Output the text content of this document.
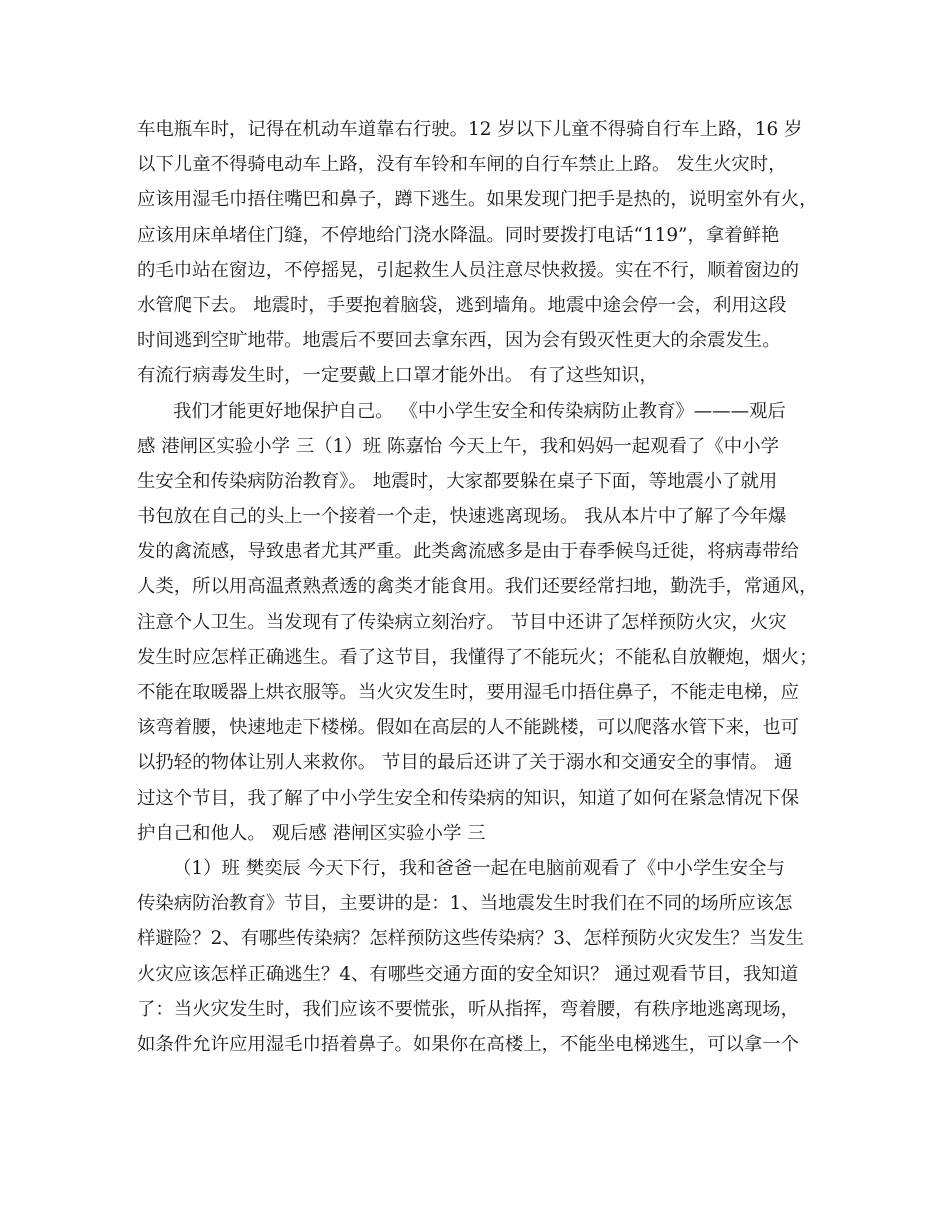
车电瓶车时，记得在机动车道靠右行驶。12 岁以下儿童不得骑自行车上路，16 岁
以下儿童不得骑电动车上路，没有车铃和车闸的自行车禁止上路。 发生火灾时，
应该用湿毛巾捂住嘴巴和鼻子，蹲下逃生。如果发现门把手是热的，说明室外有火，
应该用床单堵住门缝，不停地给门浇水降温。同时要拨打电话“119”，拿着鲜艳
的毛巾站在窗边，不停摇晃，引起救生人员注意尽快救援。实在不行，顺着窗边的
水管爬下去。 地震时，手要抱着脑袋，逃到墙角。地震中途会停一会，利用这段
时间逃到空旷地带。地震后不要回去拿东西，因为会有毁灭性更大的余震发生。
有流行病毒发生时，一定要戴上口罩才能外出。 有了这些知识，
我们才能更好地保护自己。 《中小学生安全和传染病防止教育》———观后
感 港闸区实验小学 三（1）班 陈嘉怡 今天上午，我和妈妈一起观看了《中小学
生安全和传染病防治教育》。 地震时，大家都要躲在桌子下面，等地震小了就用
书包放在自己的头上一个接着一个走，快速逃离现场。 我从本片中了解了今年爆
发的禽流感，导致患者尤其严重。此类禽流感多是由于春季候鸟迁徙，将病毒带给
人类，所以用高温煮熟煮透的禽类才能食用。我们还要经常扫地，勤洗手，常通风，
注意个人卫生。当发现有了传染病立刻治疗。 节目中还讲了怎样预防火灾，火灾
发生时应怎样正确逃生。看了这节目，我懂得了不能玩火；不能私自放鞭炮，烟火；
不能在取暖器上烘衣服等。当火灾发生时，要用湿毛巾捂住鼻子，不能走电梯，应
该弯着腰，快速地走下楼梯。假如在高层的人不能跳楼，可以爬落水管下来，也可
以扔轻的物体让别人来救你。 节目的最后还讲了关于溺水和交通安全的事情。 通
过这个节目，我了解了中小学生安全和传染病的知识，知道了如何在紧急情况下保
护自己和他人。 观后感 港闸区实验小学 三
（1）班 樊奕辰 今天下行，我和爸爸一起在电脑前观看了《中小学生安全与
传染病防治教育》节目，主要讲的是：1、当地震发生时我们在不同的场所应该怎
样避险？2、有哪些传染病？怎样预防这些传染病？3、怎样预防火灾发生？当发生
火灾应该怎样正确逃生？4、有哪些交通方面的安全知识？ 通过观看节目，我知道
了：当火灾发生时，我们应该不要慌张，听从指挥，弯着腰，有秩序地逃离现场，
如条件允许应用湿毛巾捂着鼻子。如果你在高楼上，不能坐电梯逃生，可以拿一个
